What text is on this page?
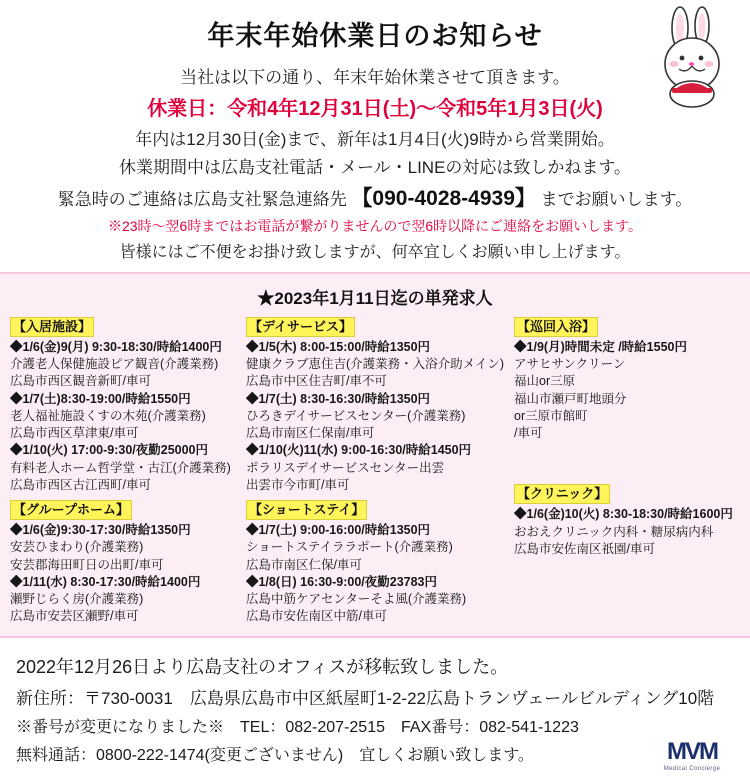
年末年始休業日のお知らせ
当社は以下の通り、年末年始休業させて頂きます。
休業日：令和4年12月31日(土)〜令和5年1月3日(火)
年内は12月30日(金)まで、新年は1月4日(火)9時から営業開始。
休業期間中は広島支社電話・メール・LINEの対応は致しかねます。
緊急時のご連絡は広島支社緊急連絡先 【090-4028-4939】 までお願いします。
※23時〜翌6時まではお電話が繋がりませんので翌6時以降にご連絡をお願いします。
皆様にはご不便をお掛け致しますが、何卒宜しくお願い申し上げます。
★2023年1月11日迄の単発求人
【入居施設】
◆1/6(金)9(月) 9:30-18:30/時給1400円
介護老人保健施設ピア観音(介護業務)
広島市西区観音新町/車可
◆1/7(土)8:30-19:00/時給1550円
老人福祉施設くすの木苑(介護業務)
広島市西区草津東/車可
◆1/10(火) 17:00-9:30/夜勤25000円
有料老人ホーム哲学堂・古江(介護業務)
広島市西区古江西町/車可
【グループホーム】
◆1/6(金)9:30-17:30/時給1350円
安芸ひまわり(介護業務)
安芸郡海田町日の出町/車可
◆1/11(水) 8:30-17:30/時給1400円
瀬野じらく房(介護業務)
広島市安芸区瀬野/車可
【デイサービス】
◆1/5(木) 8:00-15:00/時給1350円
健康クラブ恵住吉(介護業務・入浴介助メイン)
広島市中区住吉町/車不可
◆1/7(土) 8:30-16:30/時給1350円
ひろきデイサービスセンター(介護業務)
広島市南区仁保南/車可
◆1/10(火)11(水) 9:00-16:30/時給1450円
ポラリスデイサービスセンター出雲
出雲市今市町/車可
【ショートステイ】
◆1/7(土) 9:00-16:00/時給1350円
ショートステイララポート(介護業務)
広島市南区仁保/車可
◆1/8(日) 16:30-9:00/夜勤23783円
広島中筋ケアセンターそよ風(介護業務)
広島市安佐南区中筋/車可
【巡回入浴】
◆1/9(月)時間未定 /時給1550円
アサヒサンクリーン
福山or三原
福山市瀬戸町地頭分
or三原市館町
/車可
【クリニック】
◆1/6(金)10(火) 8:30-18:30/時給1600円
おおえクリニック内科・糖尿病内科
広島市安佐南区祇園/車可
2022年12月26日より広島支社のオフィスが移転致しました。
新住所：〒730-0031　広島県広島市中区紙屋町1-2-22広島トランヴェールビルディング10階
※番号が変更になりました※　TEL：082-207-2515　FAX番号：082-541-1223
無料通話：0800-222-1474(変更ございません)　宜しくお願い致します。	MVM
Medical Concierge
